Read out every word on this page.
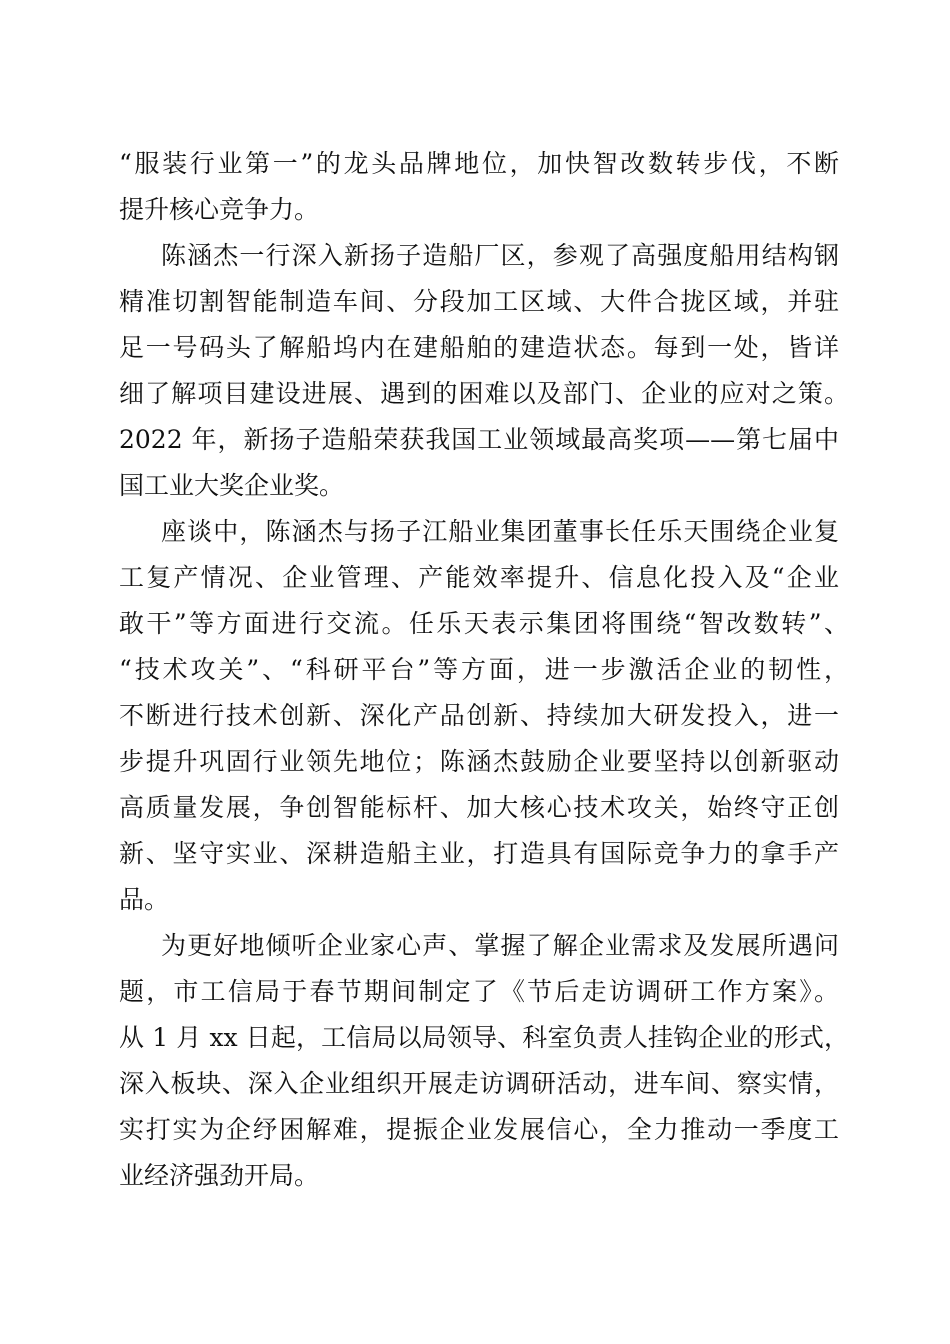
“服装行业第一”的龙头品牌地位，加快智改数转步伐，不断
提升核心竞争力。
陈涵杰一行深入新扬子造船厂区，参观了高强度船用结构钢
精准切割智能制造车间、分段加工区域、大件合拢区域，并驻
足一号码头了解船坞内在建船舶的建造状态。每到一处，皆详
细了解项目建设进展、遇到的困难以及部门、企业的应对之策。
2022 年，新扬子造船荣获我国工业领域最高奖项——第七届中
国工业大奖企业奖。
座谈中，陈涵杰与扬子江船业集团董事长任乐天围绕企业复
工复产情况、企业管理、产能效率提升、信息化投入及“企业
敢干”等方面进行交流。任乐天表示集团将围绕“智改数转”、
“技术攻关”、“科研平台”等方面，进一步激活企业的韧性，
不断进行技术创新、深化产品创新、持续加大研发投入，进一
步提升巩固行业领先地位；陈涵杰鼓励企业要坚持以创新驱动
高质量发展，争创智能标杆、加大核心技术攻关，始终守正创
新、坚守实业、深耕造船主业，打造具有国际竞争力的拿手产
品。
为更好地倾听企业家心声、掌握了解企业需求及发展所遇问
题，市工信局于春节期间制定了《节后走访调研工作方案》。
从 1 月 xx 日起，工信局以局领导、科室负责人挂钩企业的形式，
深入板块、深入企业组织开展走访调研活动，进车间、察实情，
实打实为企纾困解难，提振企业发展信心，全力推动一季度工
业经济强劲开局。
